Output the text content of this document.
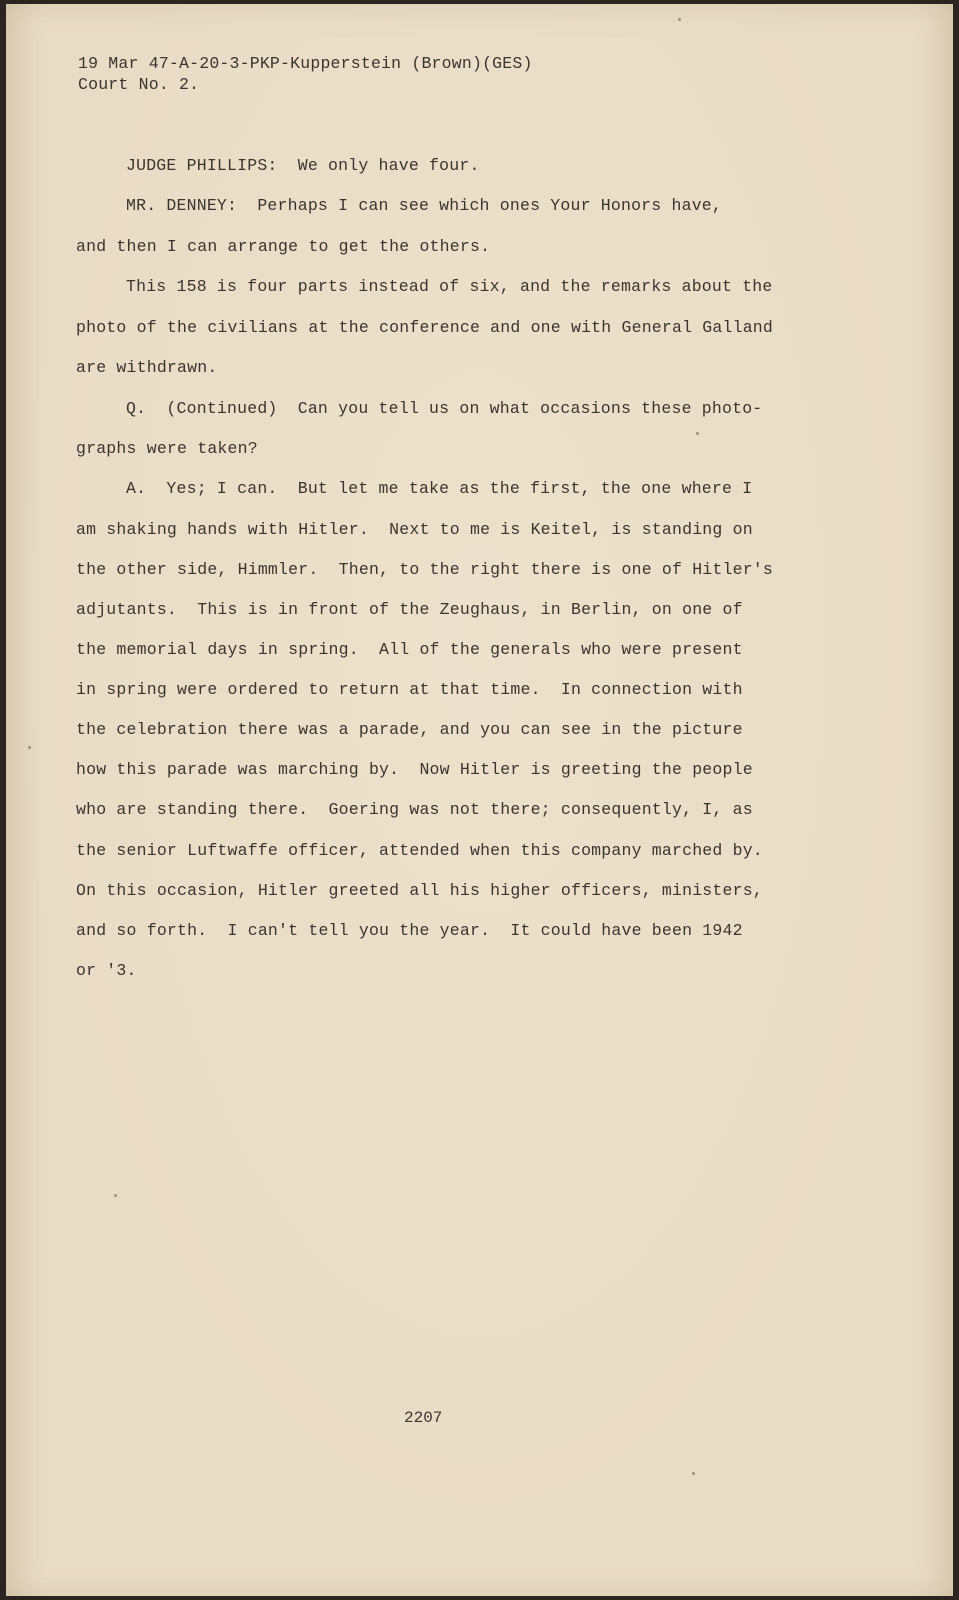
19 Mar 47-A-20-3-PKP-Kupperstein (Brown)(GES)

Court No. 2.

JUDGE PHILLIPS:  We only have four.

MR. DENNEY:  Perhaps I can see which ones Your Honors have,

and then I can arrange to get the others.

This 158 is four parts instead of six, and the remarks about the

photo of the civilians at the conference and one with General Galland

are withdrawn.

Q.  (Continued)  Can you tell us on what occasions these photo-

graphs were taken?

A.  Yes; I can.  But let me take as the first, the one where I

am shaking hands with Hitler.  Next to me is Keitel, is standing on

the other side, Himmler.  Then, to the right there is one of Hitler's

adjutants.  This is in front of the Zeughaus, in Berlin, on one of

the memorial days in spring.  All of the generals who were present

in spring were ordered to return at that time.  In connection with

the celebration there was a parade, and you can see in the picture

how this parade was marching by.  Now Hitler is greeting the people

who are standing there.  Goering was not there; consequently, I, as

the senior Luftwaffe officer, attended when this company marched by.

On this occasion, Hitler greeted all his higher officers, ministers,

and so forth.  I can't tell you the year.  It could have been 1942

or '3.

2207
